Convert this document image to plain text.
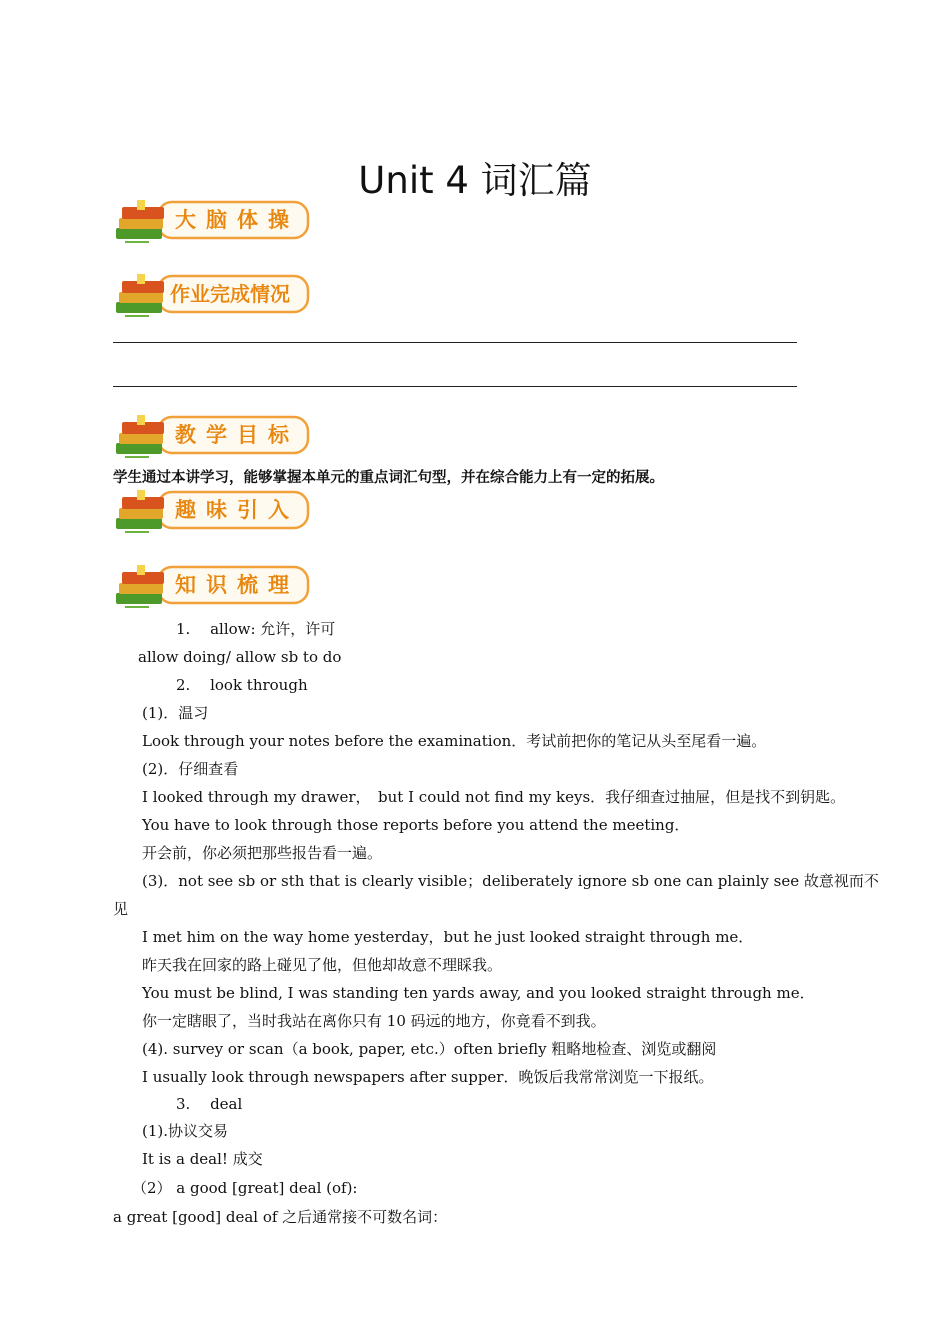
Unit 4 词汇篇
大脑体操
作业完成情况
教学目标
学生通过本讲学习，能够掌握本单元的重点词汇句型，并在综合能力上有一定的拓展。
趣味引入
知识梳理
1.　 allow: 允许，许可
allow doing/ allow sb to do
2.　 look through
(1)．温习
Look through your notes before the examination．考试前把你的笔记从头至尾看一遍。
(2)．仔细查看
I looked through my drawer，　but I could not find my keys．我仔细查过抽屉，但是找不到钥匙。
You have to look through those reports before you attend the meeting．
开会前，你必须把那些报告看一遍。
(3)．not see sb or sth that is clearly visible；deliberately ignore sb one can plainly see 故意视而不
见
I met him on the way home yesterday，but he just looked straight through me．
昨天我在回家的路上碰见了他，但他却故意不理睬我。
You must be blind, I was standing ten yards away, and you looked straight through me．
你一定瞎眼了，当时我站在离你只有 10 码远的地方，你竟看不到我。
(4). survey or scan（a book, paper, etc.）often briefly 粗略地检查、浏览或翻阅
I usually look through newspapers after supper．晚饭后我常常浏览一下报纸。
3.　 deal
(1).协议交易
It is a deal! 成交
（2） a good [great] deal (of):
a great [good] deal of 之后通常接不可数名词：
